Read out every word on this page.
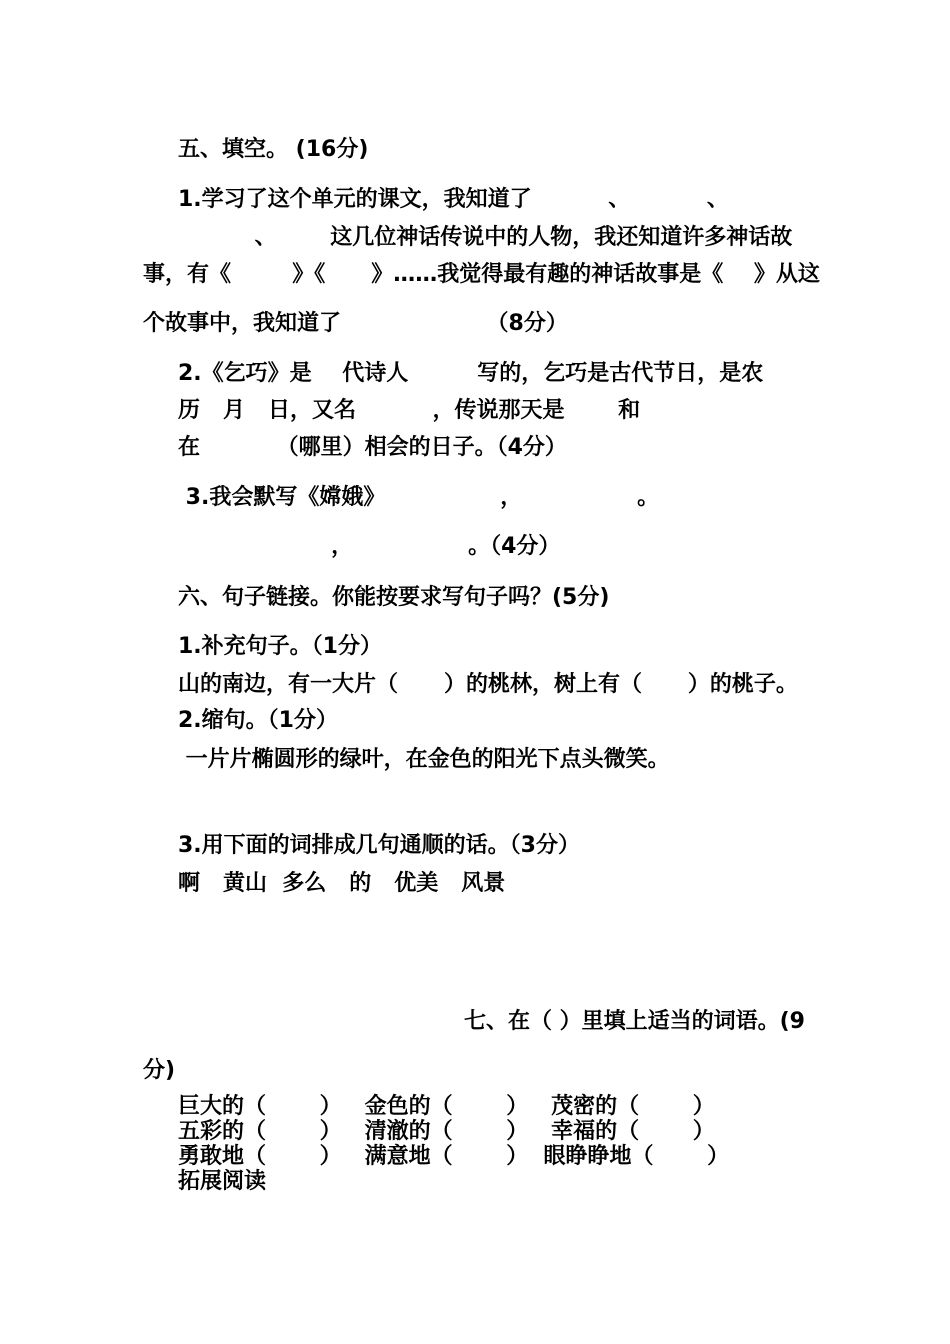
五、填空。 (16分)
1.学习了这个单元的课文，我知道了          、          、
、       这几位神话传说中的人物，我还知道许多神话故
事，有《        》《      》……我觉得最有趣的神话故事是《    》从这
个故事中，我知道了                   （8分）
2.《乞巧》是    代诗人         写的，乞巧是古代节日，是农
历   月   日，又名          ，传说那天是       和
在          （哪里）相会的日子。（4分）
3.我会默写《嫦娥》               ，               。
，               。（4分）
六、句子链接。你能按要求写句子吗？(5分)
1.补充句子。（1分）
山的南边，有一大片（      ）的桃林，树上有（      ）的桃子。
2.缩句。（1分）
一片片椭圆形的绿叶，在金色的阳光下点头微笑。
3.用下面的词排成几句通顺的话。（3分）
啊   黄山  多么   的   优美   风景
七、在（ ）里填上适当的词语。(9
分)
巨大的（       ）   金色的（       ）   茂密的（       ）
五彩的（       ）   清澈的（       ）   幸福的（       ）
勇敢地（       ）   满意地（       ）  眼睁睁地（       ）
拓展阅读
